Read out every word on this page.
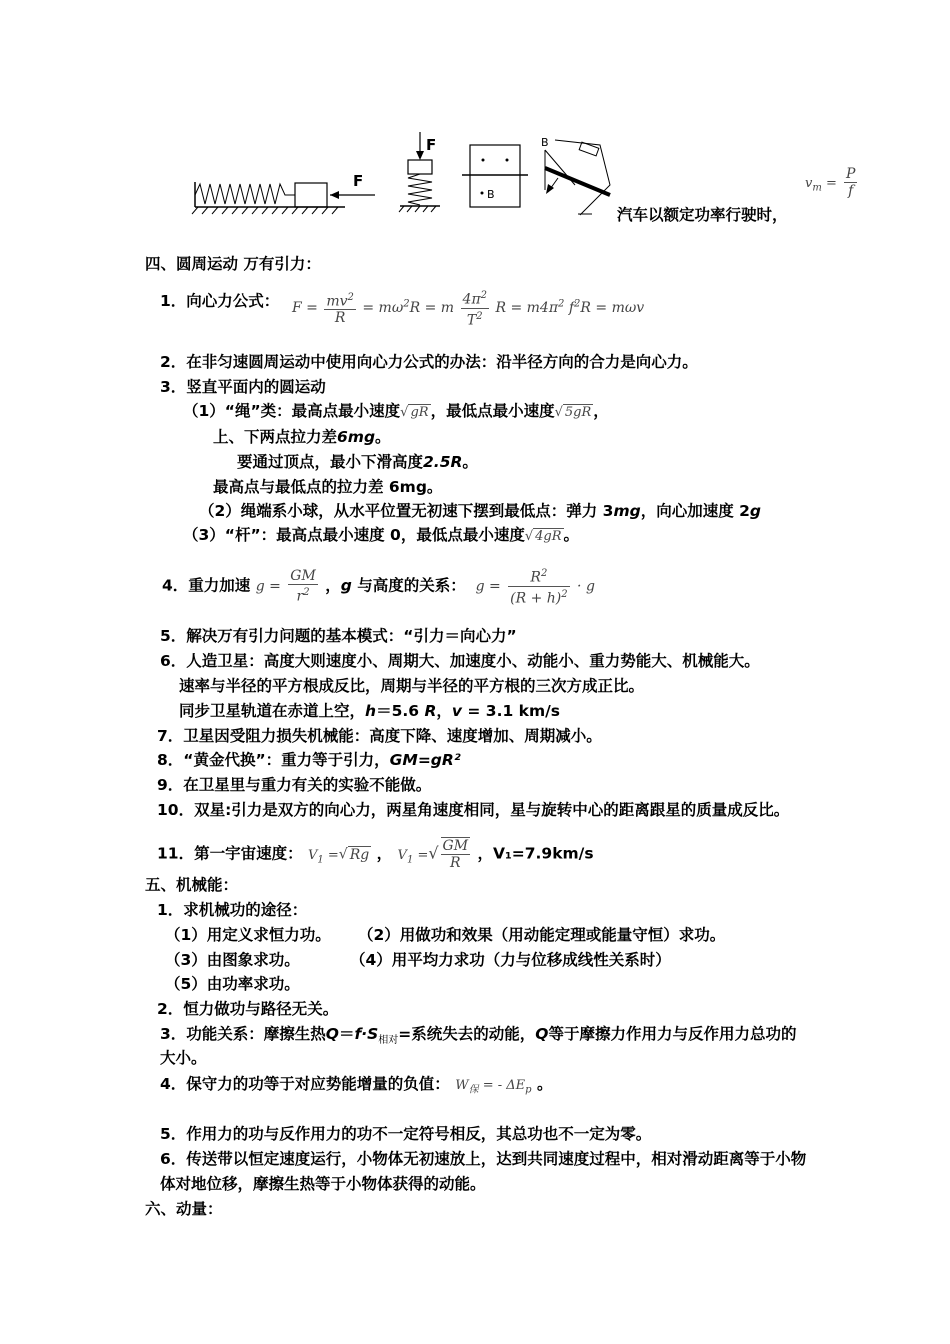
F
F
B
B
汽车以额定功率行驶时，
$v_m = \frac{P}{f}$
四、圆周运动 万有引力：
1．向心力公式： $F = \frac{mv^2}{R} = m\omega^2R = m \frac{4\pi^2}{T^2}$ $R = m4\pi^2$ $f^2R = m\omega v$
2．在非匀速圆周运动中使用向心力公式的办法：沿半径方向的合力是向心力。
3．竖直平面内的圆运动
（1）“绳”类：最高点最小速度√ gR ，最低点最小速度√ 5gR ，
上、下两点拉力差6mg。
要通过顶点，最小下滑高度2.5R。
最高点与最低点的拉力差 6mg。
（2）绳端系小球，从水平位置无初速下摆到最低点：弹力 3mg，向心加速度 2g
（3）“杆”：最高点最小速度 0，最低点最小速度√ 4gR 。
4．重力加速 $g = \frac{GM}{r^2}$ ，g 与高度的关系：  $g = \frac{R^2}{(R + h)^2} \cdot g$
5．解决万有引力问题的基本模式：“引力＝向心力”
6．人造卫星：高度大则速度小、周期大、加速度小、动能小、重力势能大、机械能大。
速率与半径的平方根成反比，周期与半径的平方根的三次方成正比。
同步卫星轨道在赤道上空，h＝5.6 R，v = 3.1 km/s
7．卫星因受阻力损失机械能：高度下降、速度增加、周期减小。
8．“黄金代换”：重力等于引力，GM=gR²
9．在卫星里与重力有关的实验不能做。
10．双星:引力是双方的向心力，两星角速度相同，星与旋转中心的距离跟星的质量成反比。
11．第一宇宙速度： $V_1$ =√ Rg ， $V_1$ =√ $\frac{GM}{R}$ ，V₁=7.9km/s
五、机械能：
1．求机械功的途径：
（1）用定义求恒力功。 （2）用做功和效果（用动能定理或能量守恒）求功。
（3）由图象求功。	（4）用平均力求功（力与位移成线性关系时）
（5）由功率求功。
2．恒力做功与路径无关。
3．功能关系：摩擦生热$Q=f\cdot S_{相对}=$系统失去的动能，Q等于摩擦力作用力与反作用力总功的
大小。
4．保守力的功等于对应势能增量的负值： $W_保$ = - $\Delta E_p$ 。
5．作用力的功与反作用力的功不一定符号相反，其总功也不一定为零。
6．传送带以恒定速度运行，小物体无初速放上，达到共同速度过程中，相对滑动距离等于小物
体对地位移，摩擦生热等于小物体获得的动能。
六、动量：
